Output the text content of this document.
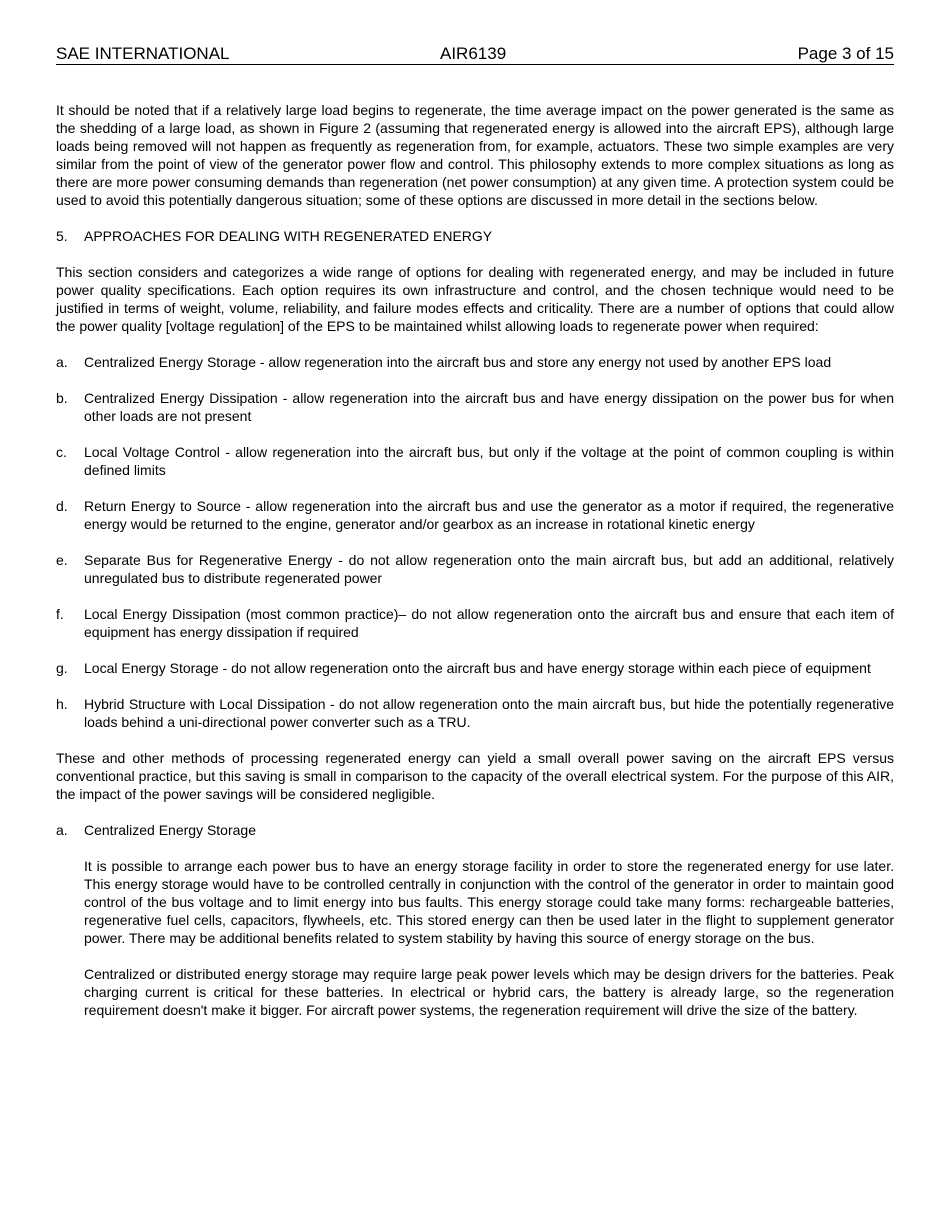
SAE INTERNATIONAL	AIR6139	Page 3 of 15

It should be noted that if a relatively large load begins to regenerate, the time average impact on the power generated is the same as the shedding of a large load, as shown in Figure 2 (assuming that regenerated energy is allowed into the aircraft EPS), although large loads being removed will not happen as frequently as regeneration from, for example, actuators. These two simple examples are very similar from the point of view of the generator power flow and control. This philosophy extends to more complex situations as long as there are more power consuming demands than regeneration (net power consumption) at any given time. A protection system could be used to avoid this potentially dangerous situation; some of these options are discussed in more detail in the sections below.

5. APPROACHES FOR DEALING WITH REGENERATED ENERGY

This section considers and categorizes a wide range of options for dealing with regenerated energy, and may be included in future power quality specifications. Each option requires its own infrastructure and control, and the chosen technique would need to be justified in terms of weight, volume, reliability, and failure modes effects and criticality. There are a number of options that could allow the power quality [voltage regulation] of the EPS to be maintained whilst allowing loads to regenerate power when required:

a.	Centralized Energy Storage - allow regeneration into the aircraft bus and store any energy not used by another EPS load
b.	Centralized Energy Dissipation - allow regeneration into the aircraft bus and have energy dissipation on the power bus for when other loads are not present
c.	Local Voltage Control - allow regeneration into the aircraft bus, but only if the voltage at the point of common coupling is within defined limits
d.	Return Energy to Source - allow regeneration into the aircraft bus and use the generator as a motor if required, the regenerative energy would be returned to the engine, generator and/or gearbox as an increase in rotational kinetic energy
e.	Separate Bus for Regenerative Energy - do not allow regeneration onto the main aircraft bus, but add an additional, relatively unregulated bus to distribute regenerated power
f.	Local Energy Dissipation (most common practice)– do not allow regeneration onto the aircraft bus and ensure that each item of equipment has energy dissipation if required
g.	Local Energy Storage - do not allow regeneration onto the aircraft bus and have energy storage within each piece of equipment
h.	Hybrid Structure with Local Dissipation - do not allow regeneration onto the main aircraft bus, but hide the potentially regenerative loads behind a uni-directional power converter such as a TRU.

These and other methods of processing regenerated energy can yield a small overall power saving on the aircraft EPS versus conventional practice, but this saving is small in comparison to the capacity of the overall electrical system. For the purpose of this AIR, the impact of the power savings will be considered negligible.

a.	Centralized Energy Storage

It is possible to arrange each power bus to have an energy storage facility in order to store the regenerated energy for use later. This energy storage would have to be controlled centrally in conjunction with the control of the generator in order to maintain good control of the bus voltage and to limit energy into bus faults. This energy storage could take many forms: rechargeable batteries, regenerative fuel cells, capacitors, flywheels, etc. This stored energy can then be used later in the flight to supplement generator power. There may be additional benefits related to system stability by having this source of energy storage on the bus.

Centralized or distributed energy storage may require large peak power levels which may be design drivers for the batteries. Peak charging current is critical for these batteries. In electrical or hybrid cars, the battery is already large, so the regeneration requirement doesn't make it bigger. For aircraft power systems, the regeneration requirement will drive the size of the battery.
